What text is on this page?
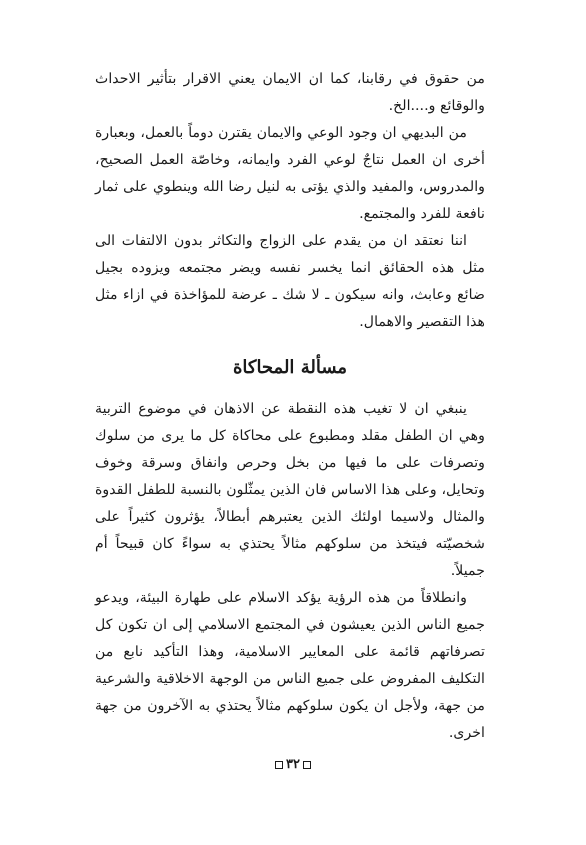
من حقوق في رقابنا، كما ان الايمان يعني الاقرار بتأثير الاحداث والوقائع و....الخ.

من البديهي ان وجود الوعي والايمان يقترن دوماً بالعمل، وبعبارة أخرى ان العمل نتاجٌ لوعي الفرد وايمانه، وخاصّة العمل الصحيح، والمدروس، والمفيد والذي يؤتى به لنيل رضا الله وينطوي على ثمار نافعة للفرد والمجتمع.

اننا نعتقد ان من يقدم على الزواج والتكاثر بدون الالتفات الى مثل هذه الحقائق انما يخسر نفسه ويضر مجتمعه ويزوده بجيل ضائع وعابث، وانه سيكون ـ لا شك ـ عرضة للمؤاخذة في ازاء مثل هذا التقصير والاهمال.

مسألة المحاكاة

ينبغي ان لا تغيب هذه النقطة عن الاذهان في موضوع التربية وهي ان الطفل مقلد ومطبوع على محاكاة كل ما يرى من سلوك وتصرفات على ما فيها من بخل وحرص وانفاق وسرقة وخوف وتحايل، وعلى هذا الاساس فان الذين يمثّلون بالنسبة للطفل القدوة والمثال ولاسيما اولئك الذين يعتبرهم أبطالاً، يؤثرون كثيراً على شخصيّته فيتخذ من سلوكهم مثالاً يحتذي به سواءً كان قبيحاً أم جميلاً.

وانطلاقاً من هذه الرؤية يؤكد الاسلام على طهارة البيئة، ويدعو جميع الناس الذين يعيشون في المجتمع الاسلامي إلى ان تكون كل تصرفاتهم قائمة على المعايير الاسلامية، وهذا التأكيد نابع من التكليف المفروض على جميع الناس من الوجهة الاخلاقية والشرعية من جهة، ولأجل ان يكون سلوكهم مثالاً يحتذي به الآخرون من جهة اخرى.

٣٢
